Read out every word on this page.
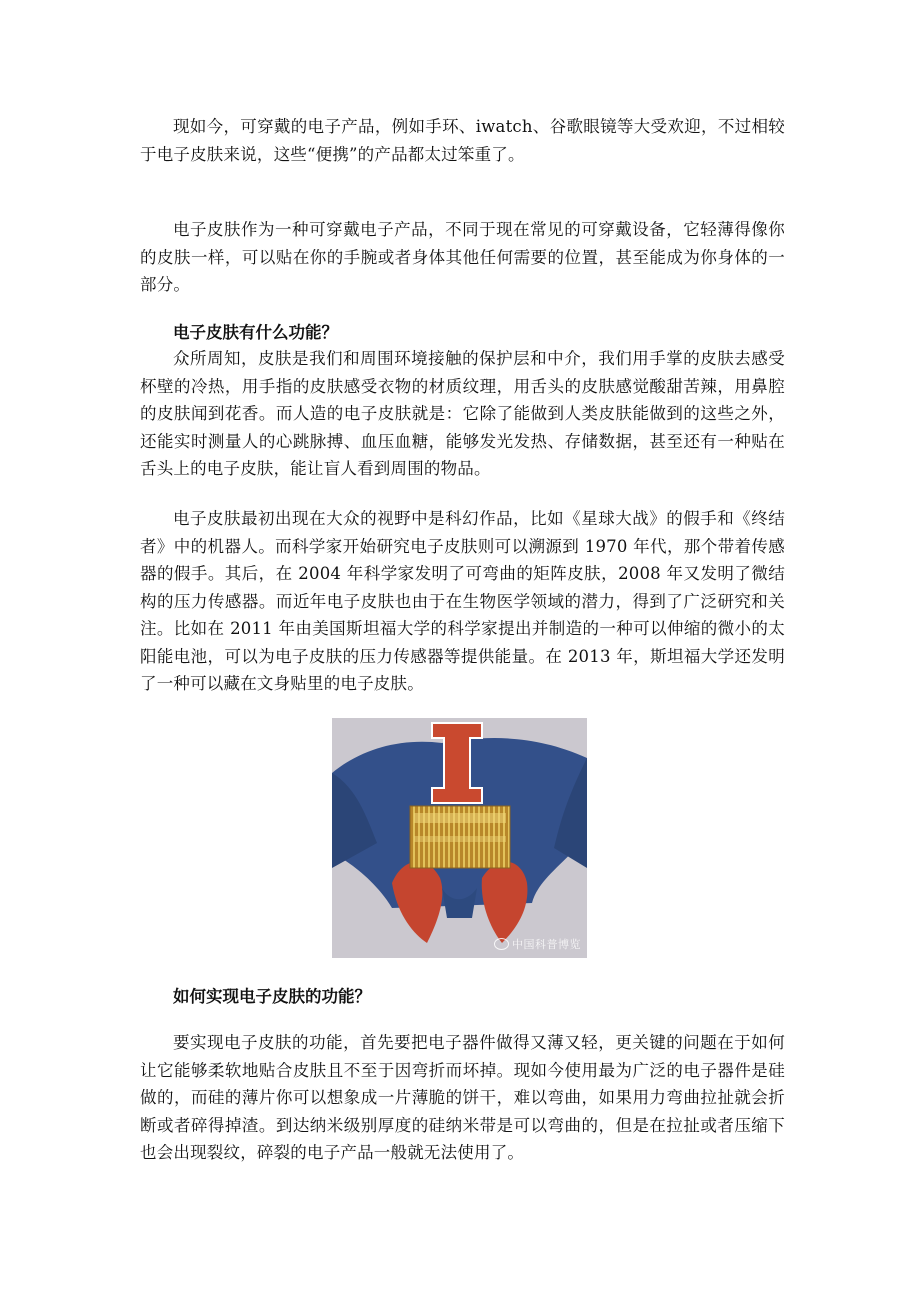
现如今，可穿戴的电子产品，例如手环、iwatch、谷歌眼镜等大受欢迎，不过相较于电子皮肤来说，这些“便携”的产品都太过笨重了。

电子皮肤作为一种可穿戴电子产品，不同于现在常见的可穿戴设备，它轻薄得像你的皮肤一样，可以贴在你的手腕或者身体其他任何需要的位置，甚至能成为你身体的一部分。

电子皮肤有什么功能？

众所周知，皮肤是我们和周围环境接触的保护层和中介，我们用手掌的皮肤去感受杯壁的冷热，用手指的皮肤感受衣物的材质纹理，用舌头的皮肤感觉酸甜苦辣，用鼻腔的皮肤闻到花香。而人造的电子皮肤就是：它除了能做到人类皮肤能做到的这些之外，还能实时测量人的心跳脉搏、血压血糖，能够发光发热、存储数据，甚至还有一种贴在舌头上的电子皮肤，能让盲人看到周围的物品。

电子皮肤最初出现在大众的视野中是科幻作品，比如《星球大战》的假手和《终结者》中的机器人。而科学家开始研究电子皮肤则可以溯源到 1970 年代，那个带着传感器的假手。其后，在 2004 年科学家发明了可弯曲的矩阵皮肤，2008 年又发明了微结构的压力传感器。而近年电子皮肤也由于在生物医学领域的潜力，得到了广泛研究和关注。比如在 2011 年由美国斯坦福大学的科学家提出并制造的一种可以伸缩的微小的太阳能电池，可以为电子皮肤的压力传感器等提供能量。在 2013 年，斯坦福大学还发明了一种可以藏在文身贴里的电子皮肤。

中国科普博览

如何实现电子皮肤的功能？

要实现电子皮肤的功能，首先要把电子器件做得又薄又轻，更关键的问题在于如何让它能够柔软地贴合皮肤且不至于因弯折而坏掉。现如今使用最为广泛的电子器件是硅做的，而硅的薄片你可以想象成一片薄脆的饼干，难以弯曲，如果用力弯曲拉扯就会折断或者碎得掉渣。到达纳米级别厚度的硅纳米带是可以弯曲的，但是在拉扯或者压缩下也会出现裂纹，碎裂的电子产品一般就无法使用了。
